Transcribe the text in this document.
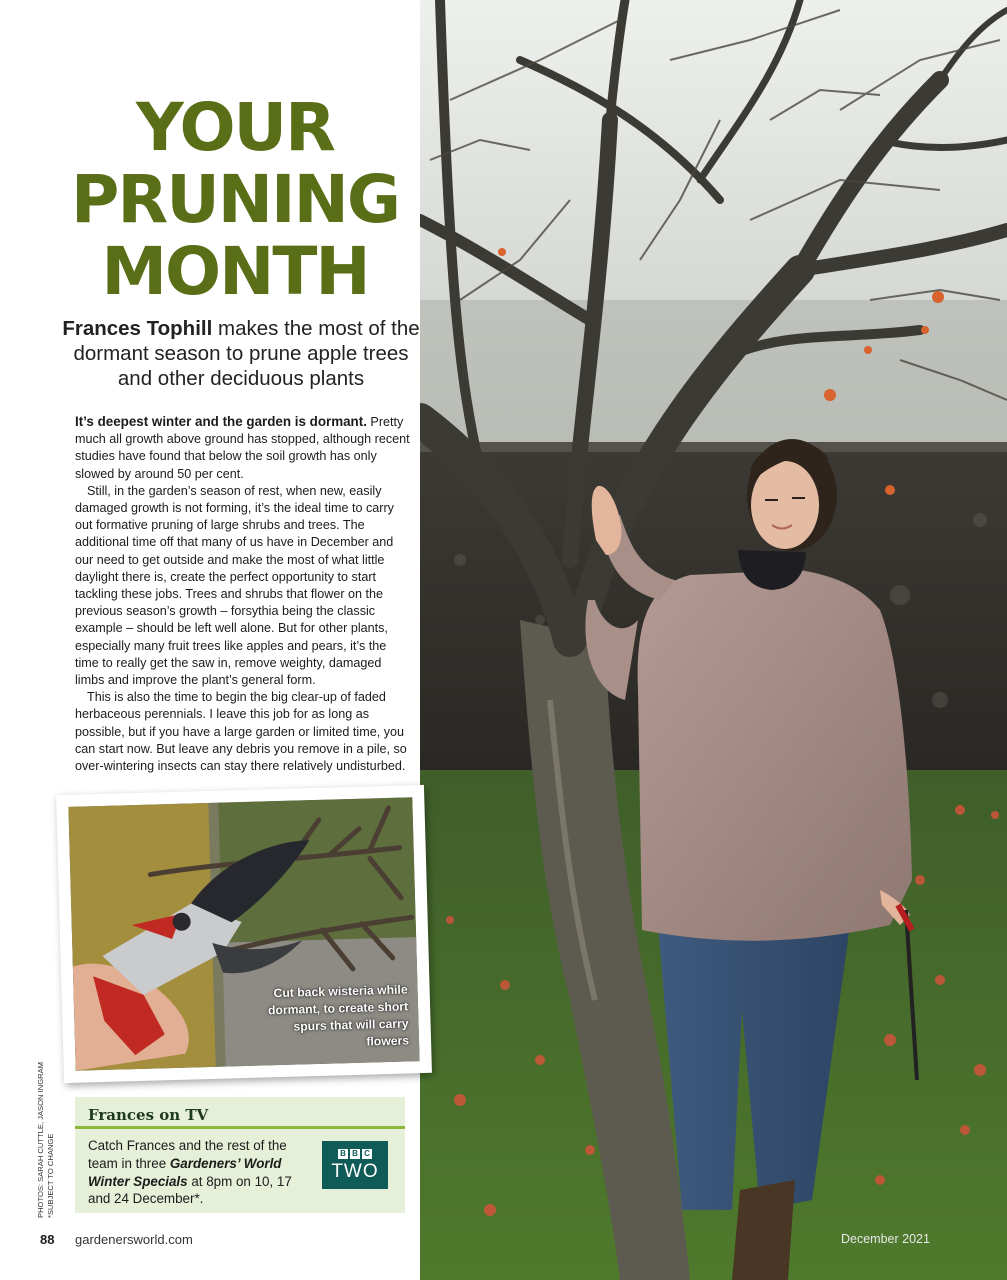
YOUR
PRUNING
MONTH

Frances Tophill makes the most of the dormant season to prune apple trees and other deciduous plants

It’s deepest winter and the garden is dormant. Pretty much all growth above ground has stopped, although recent studies have found that below the soil growth has only slowed by around 50 per cent.

Still, in the garden’s season of rest, when new, easily damaged growth is not forming, it’s the ideal time to carry out formative pruning of large shrubs and trees. The additional time off that many of us have in December and our need to get outside and make the most of what little daylight there is, create the perfect opportunity to start tackling these jobs. Trees and shrubs that flower on the previous season’s growth – forsythia being the classic example – should be left well alone. But for other plants, especially many fruit trees like apples and pears, it’s the time to really get the saw in, remove weighty, damaged limbs and improve the plant’s general form.

This is also the time to begin the big clear-up of faded herbaceous perennials. I leave this job for as long as possible, but if you have a large garden or limited time, you can start now. But leave any debris you remove in a pile, so over-wintering insects can stay there relatively undisturbed.

Cut back wisteria while dormant, to create short spurs that will carry flowers
PHOTOS: SARAH CUTTLE, JASON INGRAM *SUBJECT TO CHANGE
Frances on TV

Catch Frances and the rest of the team in three Gardeners’ World Winter Specials at 8pm on 10, 17 and 24 December*.

B B C
TWO
88 gardenersworld.com	December 2021
